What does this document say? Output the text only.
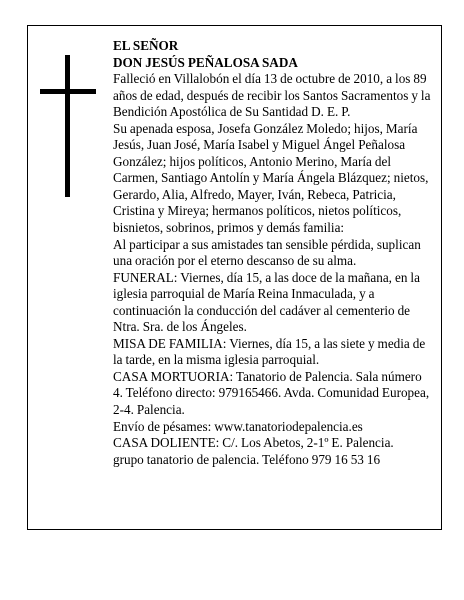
EL SEÑOR

DON JESÚS PEÑALOSA SADA

Falleció en Villalobón el día 13 de octubre de 2010, a los 89 años de edad, después de recibir los Santos Sacramentos y la Bendición Apostólica de Su Santidad D. E. P.

Su apenada esposa, Josefa González Moledo; hijos, María Jesús, Juan José, María Isabel y Miguel Ángel Peñalosa González; hijos políticos, Antonio Merino, María del Carmen, Santiago Antolín y María Ángela Blázquez; nietos, Gerardo, Alia, Alfredo, Mayer, Iván, Rebeca, Patricia, Cristina y Mireya; hermanos políticos, nietos políticos, bisnietos, sobrinos, primos y demás familia:

Al participar a sus amistades tan sensible pérdida, suplican una oración por el eterno descanso de su alma.

FUNERAL: Viernes, día 15, a las doce de la mañana, en la iglesia parroquial de María Reina Inmaculada, y a continuación la conducción del cadáver al cementerio de Ntra. Sra. de los Ángeles.

MISA DE FAMILIA: Viernes, día 15, a las siete y media de la tarde, en la misma iglesia parroquial.

CASA MORTUORIA: Tanatorio de Palencia. Sala número 4. Teléfono directo: 979165466. Avda. Comunidad Europea, 2-4. Palencia.

Envío de pésames: www.tanatoriodepalencia.es

CASA DOLIENTE: C/. Los Abetos, 2-1º E. Palencia.

grupo tanatorio de palencia. Teléfono 979 16 53 16
